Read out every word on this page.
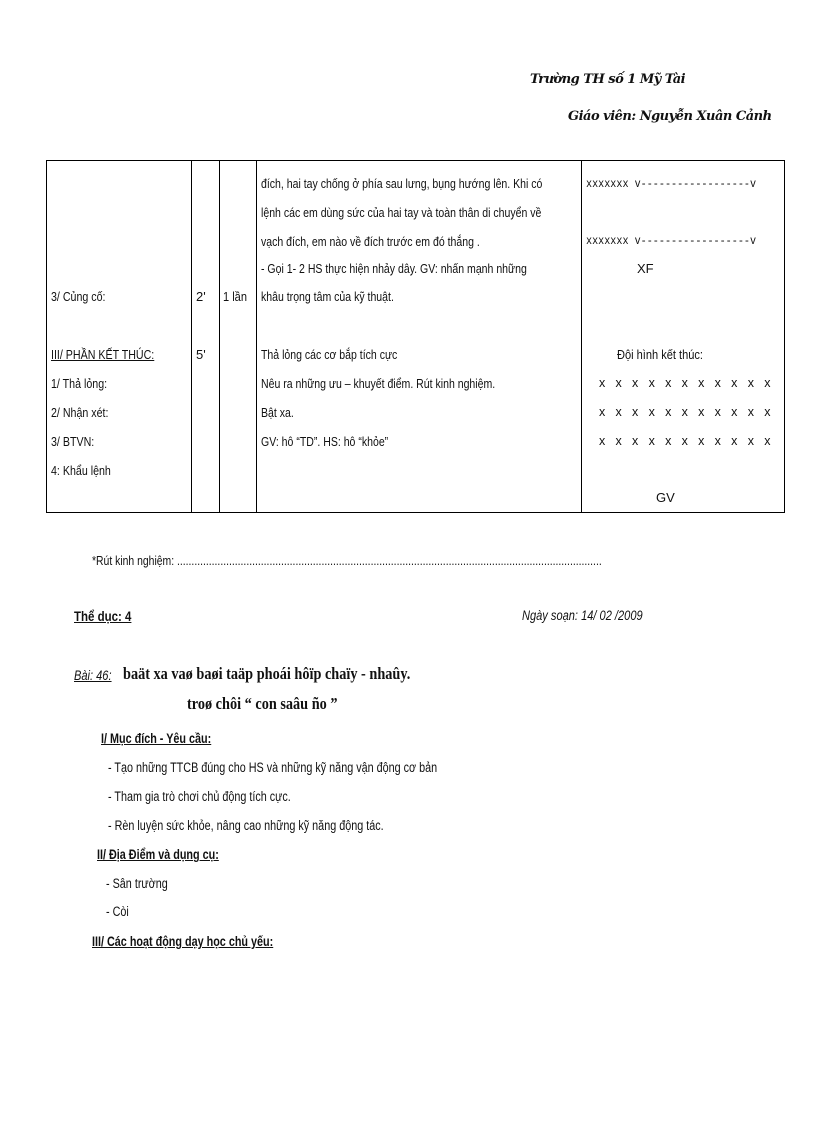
Trường TH số 1 Mỹ Tài
Giáo viên: Nguyễn Xuân Cảnh
3/ Củng cố:
III/ PHẦN KẾT THÚC:
1/ Thả lỏng:
2/ Nhận xét:
3/ BTVN:
4: Khẩu lệnh
2'
5'
1 lần
đích, hai tay chống ở phía sau lưng, bụng hướng lên. Khi có
lệnh các em dùng sức của hai tay và toàn thân di chuyển về
vạch đích, em nào về đích trước em đó thắng .
- Gọi 1- 2 HS thực hiện nhảy dây. GV: nhấn mạnh những
khâu trọng tâm của kỹ thuật.
Thả lỏng các cơ bắp tích cực
Nêu ra những ưu – khuyết điểm. Rút kinh nghiệm.
Bật xa.
GV: hô “TD”. HS: hô “khỏe”
xxxxxxx v------------------v
xxxxxxx v------------------v
XF
Đội hình kết thúc:
x x x x x x x x x x x
x x x x x x x x x x x
x x x x x x x x x x x
GV
*Rút kinh nghiệm: ...................................................................................................................................................
Thể dục: 4	Ngày soạn: 14/ 02 /2009
Bài: 46: baät xa vaø baøi taäp phoái hôïp chaïy - nhaûy.
troø chôi “ con saâu ño ”
I/ Mục đích - Yêu cầu:
- Tạo những TTCB đúng cho HS và những kỹ năng vận động cơ bản
- Tham gia trò chơi chủ động tích cực.
- Rèn luyện sức khỏe, nâng cao những kỹ năng động tác.
II/ Địa Điểm và dụng cụ:
- Sân trường
- Còi
III/ Các hoạt động dạy học chủ yếu:
